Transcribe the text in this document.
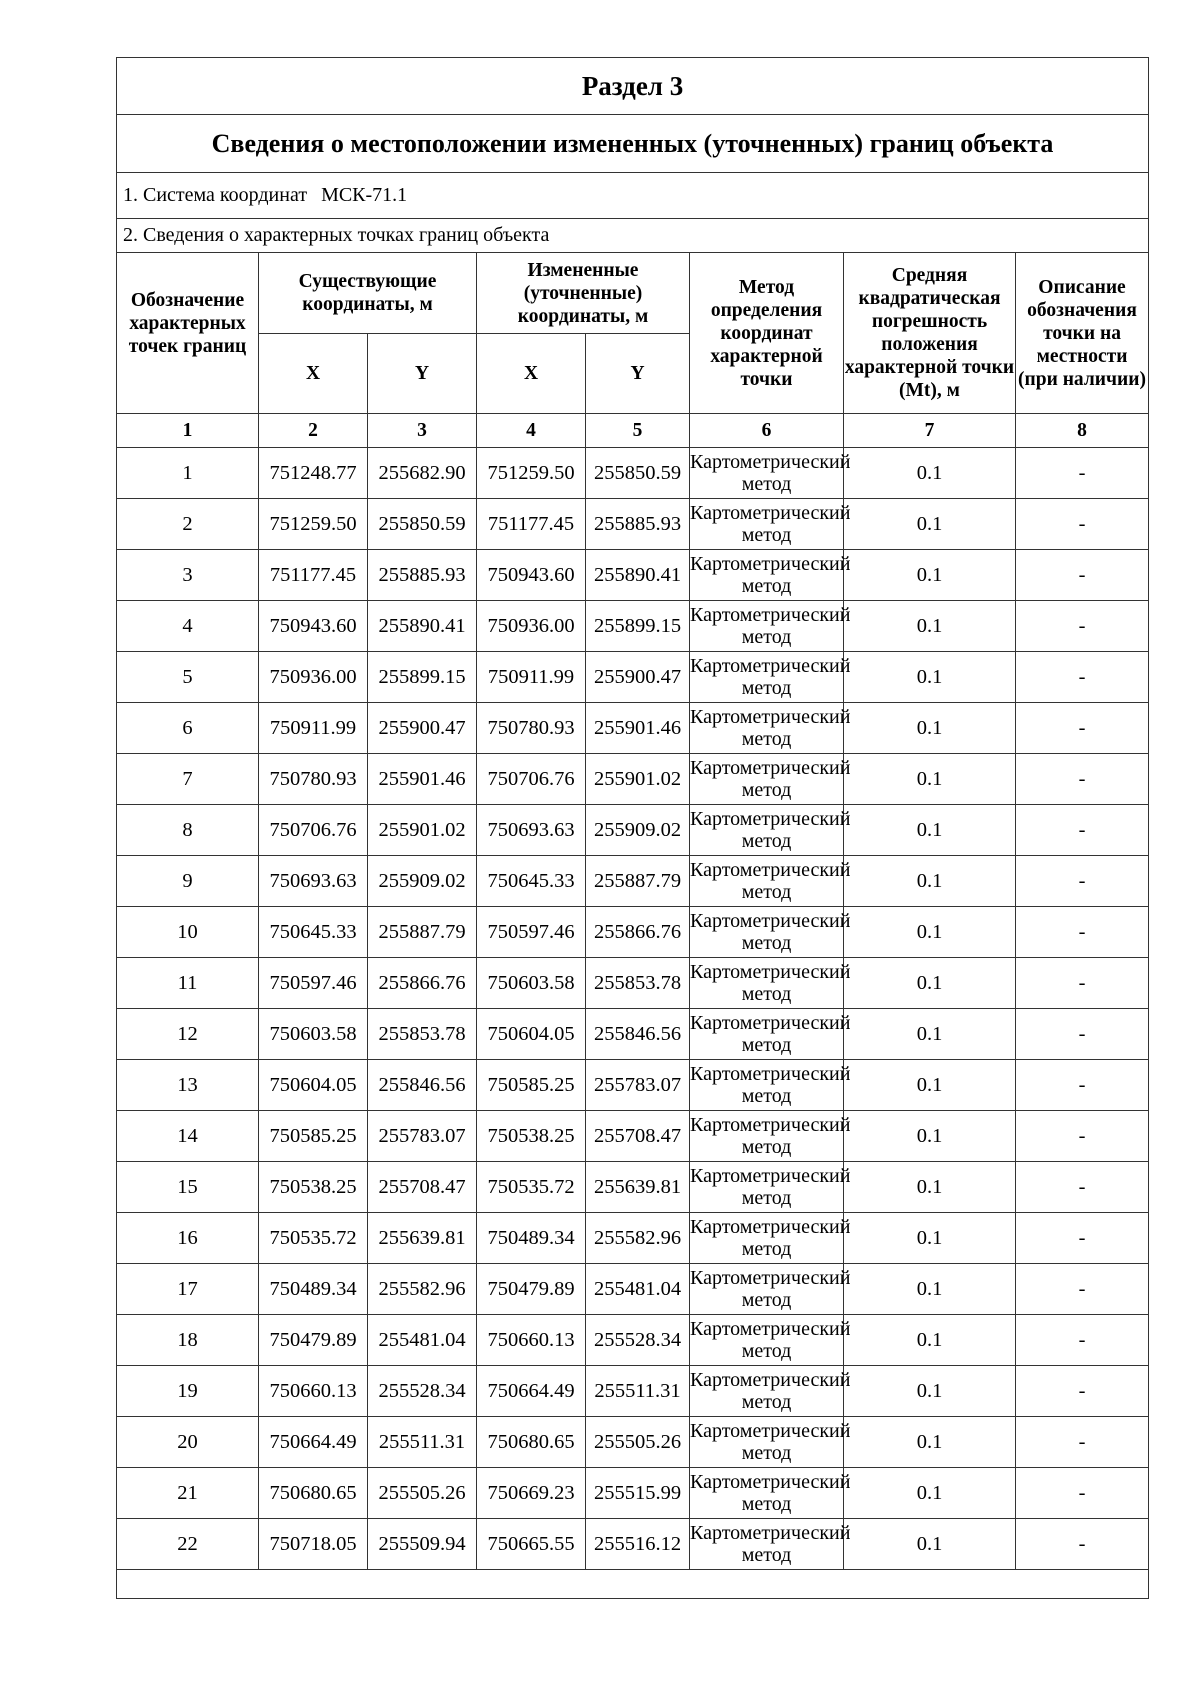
Раздел 3							
Сведения о местоположении измененных (уточненных) границ объекта							
1. Система координат МСК-71.1							
2. Сведения о характерных точках границ объекта							
Обозначение характерных точек границ	Существующие координаты, м		Измененные (уточненные) координаты, м		Метод определения координат характерной точки	Средняя квадратическая погрешность положения характерной точки (Mt), м	Описание обозначения точки на местности (при наличии)
	X	Y	X	Y			
1	2	3	4	5	6	7	8
1	751248.77	255682.90	751259.50	255850.59	Картометрический метод	0.1	-
2	751259.50	255850.59	751177.45	255885.93	Картометрический метод	0.1	-
3	751177.45	255885.93	750943.60	255890.41	Картометрический метод	0.1	-
4	750943.60	255890.41	750936.00	255899.15	Картометрический метод	0.1	-
5	750936.00	255899.15	750911.99	255900.47	Картометрический метод	0.1	-
6	750911.99	255900.47	750780.93	255901.46	Картометрический метод	0.1	-
7	750780.93	255901.46	750706.76	255901.02	Картометрический метод	0.1	-
8	750706.76	255901.02	750693.63	255909.02	Картометрический метод	0.1	-
9	750693.63	255909.02	750645.33	255887.79	Картометрический метод	0.1	-
10	750645.33	255887.79	750597.46	255866.76	Картометрический метод	0.1	-
11	750597.46	255866.76	750603.58	255853.78	Картометрический метод	0.1	-
12	750603.58	255853.78	750604.05	255846.56	Картометрический метод	0.1	-
13	750604.05	255846.56	750585.25	255783.07	Картометрический метод	0.1	-
14	750585.25	255783.07	750538.25	255708.47	Картометрический метод	0.1	-
15	750538.25	255708.47	750535.72	255639.81	Картометрический метод	0.1	-
16	750535.72	255639.81	750489.34	255582.96	Картометрический метод	0.1	-
17	750489.34	255582.96	750479.89	255481.04	Картометрический метод	0.1	-
18	750479.89	255481.04	750660.13	255528.34	Картометрический метод	0.1	-
19	750660.13	255528.34	750664.49	255511.31	Картометрический метод	0.1	-
20	750664.49	255511.31	750680.65	255505.26	Картометрический метод	0.1	-
21	750680.65	255505.26	750669.23	255515.99	Картометрический метод	0.1	-
22	750718.05	255509.94	750665.55	255516.12	Картометрический метод	0.1	-
